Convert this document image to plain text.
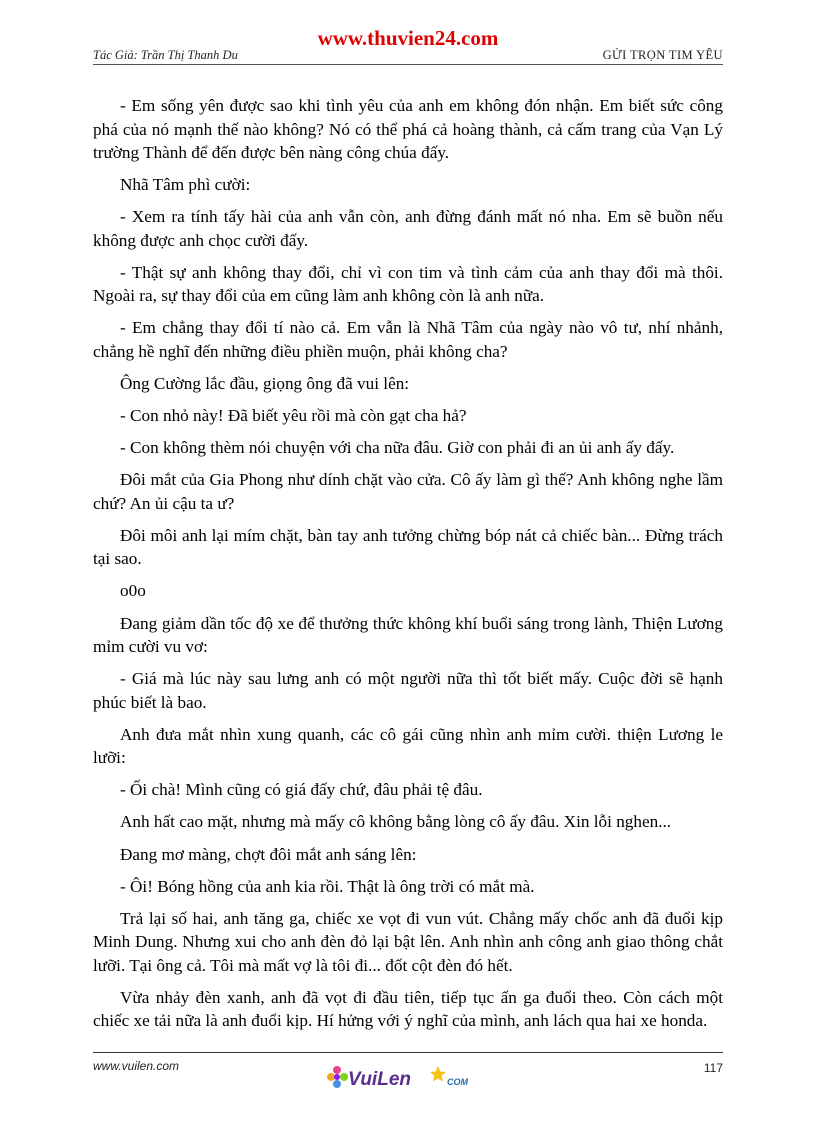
www.thuvien24.com
Tác Giả: Trần Thị Thanh Du	GỬI TRỌN TIM YÊU

- Em sống yên được sao khi tình yêu của anh em không đón nhận. Em biết sức công phá của nó mạnh thế nào không? Nó có thể phá cả hoàng thành, cả cấm trang của Vạn Lý trường Thành để đến được bên nàng công chúa đấy.

Nhã Tâm phì cười:

- Xem ra tính tấy hài của anh vẫn còn, anh đừng đánh mất nó nha. Em sẽ buồn nếu không được anh chọc cười đấy.

- Thật sự anh không thay đổi, chỉ vì con tim và tình cảm của anh thay đổi mà thôi. Ngoài ra, sự thay đổi của em cũng làm anh không còn là anh nữa.

- Em chẳng thay đổi tí nào cả. Em vẫn là Nhã Tâm của ngày nào vô tư, nhí nhảnh, chẳng hề nghĩ đến những điều phiền muộn, phải không cha?

Ông Cường lắc đầu, giọng ông đã vui lên:

- Con nhỏ này! Đã biết yêu rồi mà còn gạt cha hả?

- Con không thèm nói chuyện với cha nữa đâu. Giờ con phải đi an ủi anh ấy đấy.

Đôi mắt của Gia Phong như dính chặt vào cửa. Cô ấy làm gì thế? Anh không nghe lầm chứ? An ủi cậu ta ư?

Đôi môi anh lại mím chặt, bàn tay anh tưởng chừng bóp nát cả chiếc bàn... Đừng trách tại sao.

o0o

Đang giảm dần tốc độ xe để thưởng thức không khí buổi sáng trong lành, Thiện Lương mỉm cười vu vơ:

- Giá mà lúc này sau lưng anh có một người nữa thì tốt biết mấy. Cuộc đời sẽ hạnh phúc biết là bao.

Anh đưa mắt nhìn xung quanh, các cô gái cũng nhìn anh mỉm cười. thiện Lương le lưỡi:

- Ối chà! Mình cũng có giá đấy chứ, đâu phải tệ đâu.

Anh hất cao mặt, nhưng mà mấy cô không bằng lòng cô ấy đâu. Xin lỗi nghen...

Đang mơ màng, chợt đôi mắt anh sáng lên:

- Ôi! Bóng hồng của anh kia rồi. Thật là ông trời có mắt mà.

Trả lại số hai, anh tăng ga, chiếc xe vọt đi vun vút. Chẳng mấy chốc anh đã đuổi kịp Minh Dung. Nhưng xui cho anh đèn đỏ lại bật lên. Anh nhìn anh công anh giao thông chắt lưỡi. Tại ông cả. Tôi mà mất vợ là tôi đi... đốt cột đèn đó hết.

Vừa nhảy đèn xanh, anh đã vọt đi đầu tiên, tiếp tục ấn ga đuổi theo. Còn cách một chiếc xe tải nữa là anh đuổi kịp. Hí hửng với ý nghĩ của mình, anh lách qua hai xe honda.

www.vuilen.com	117
VuiLen	COM
